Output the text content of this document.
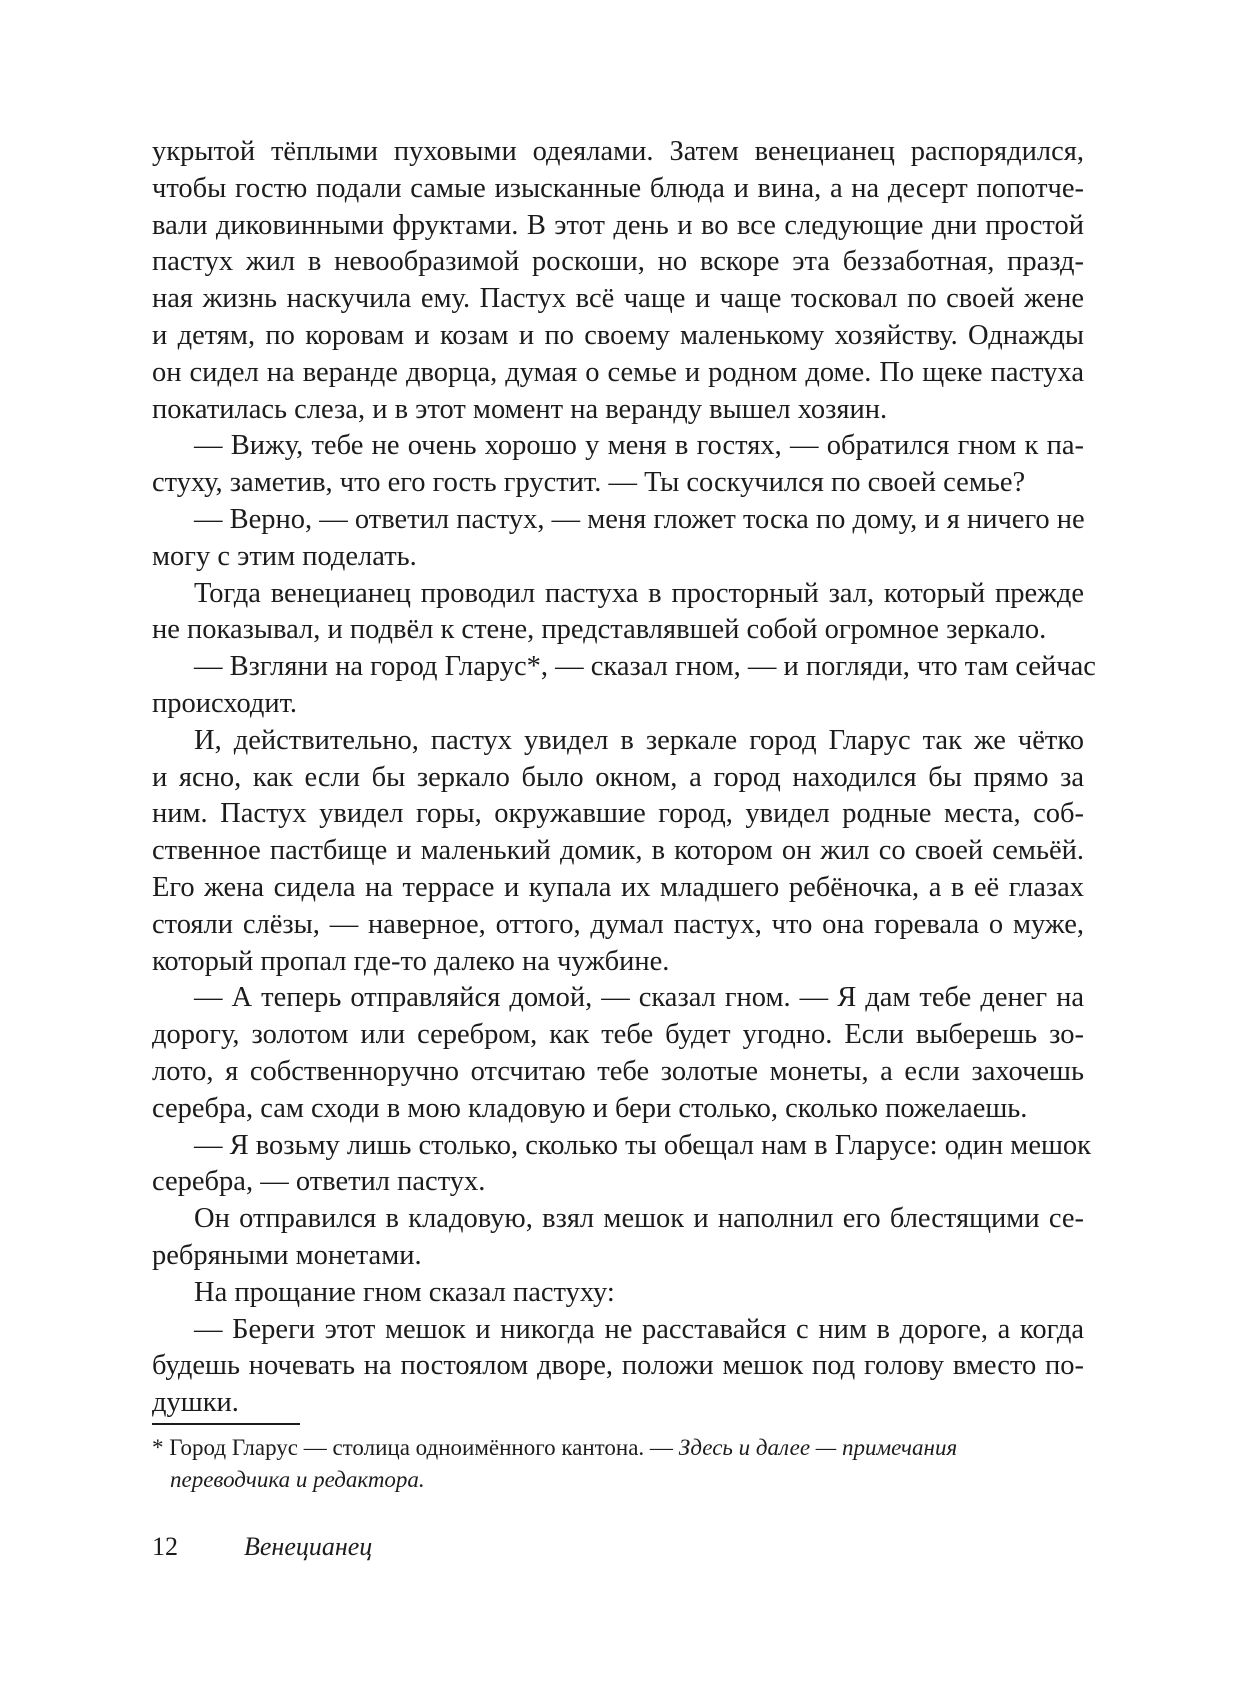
укрытой тёплыми пуховыми одеялами. Затем венецианец распорядился,
чтобы гостю подали самые изысканные блюда и вина, а на десерт попотче-
вали диковинными фруктами. В этот день и во все следующие дни простой
пастух жил в невообразимой роскоши, но вскоре эта беззаботная, празд-
ная жизнь наскучила ему. Пастух всё чаще и чаще тосковал по своей жене
и детям, по коровам и козам и по своему маленькому хозяйству. Однажды
он сидел на веранде дворца, думая о семье и родном доме. По щеке пастуха
покатилась слеза, и в этот момент на веранду вышел хозяин.
— Вижу, тебе не очень хорошо у меня в гостях, — обратился гном к па-
стуху, заметив, что его гость грустит. — Ты соскучился по своей семье?
— Верно, — ответил пастух, — меня гложет тоска по дому, и я ничего не
могу с этим поделать.
Тогда венецианец проводил пастуха в просторный зал, который прежде
не показывал, и подвёл к стене, представлявшей собой огромное зеркало.
— Взгляни на город Гларус*, — сказал гном, — и погляди, что там сейчас
происходит.
И, действительно, пастух увидел в зеркале город Гларус так же чётко
и ясно, как если бы зеркало было окном, а город находился бы прямо за
ним. Пастух увидел горы, окружавшие город, увидел родные места, соб-
ственное пастбище и маленький домик, в котором он жил со своей семьёй.
Его жена сидела на террасе и купала их младшего ребёночка, а в её глазах
стояли слёзы, — наверное, оттого, думал пастух, что она горевала о муже,
который пропал где-то далеко на чужбине.
— А теперь отправляйся домой, — сказал гном. — Я дам тебе денег на
дорогу, золотом или серебром, как тебе будет угодно. Если выберешь зо-
лото, я собственноручно отсчитаю тебе золотые монеты, а если захочешь
серебра, сам сходи в мою кладовую и бери столько, сколько пожелаешь.
— Я возьму лишь столько, сколько ты обещал нам в Гларусе: один мешок
серебра, — ответил пастух.
Он отправился в кладовую, взял мешок и наполнил его блестящими се-
ребряными монетами.
На прощание гном сказал пастуху:
— Береги этот мешок и никогда не расставайся с ним в дороге, а когда
будешь ночевать на постоялом дворе, положи мешок под голову вместо по-
душки.
* Город Гларус — столица одноимённого кантона. — Здесь и далее — примечания
переводчика и редактора.
12	Венецианец
